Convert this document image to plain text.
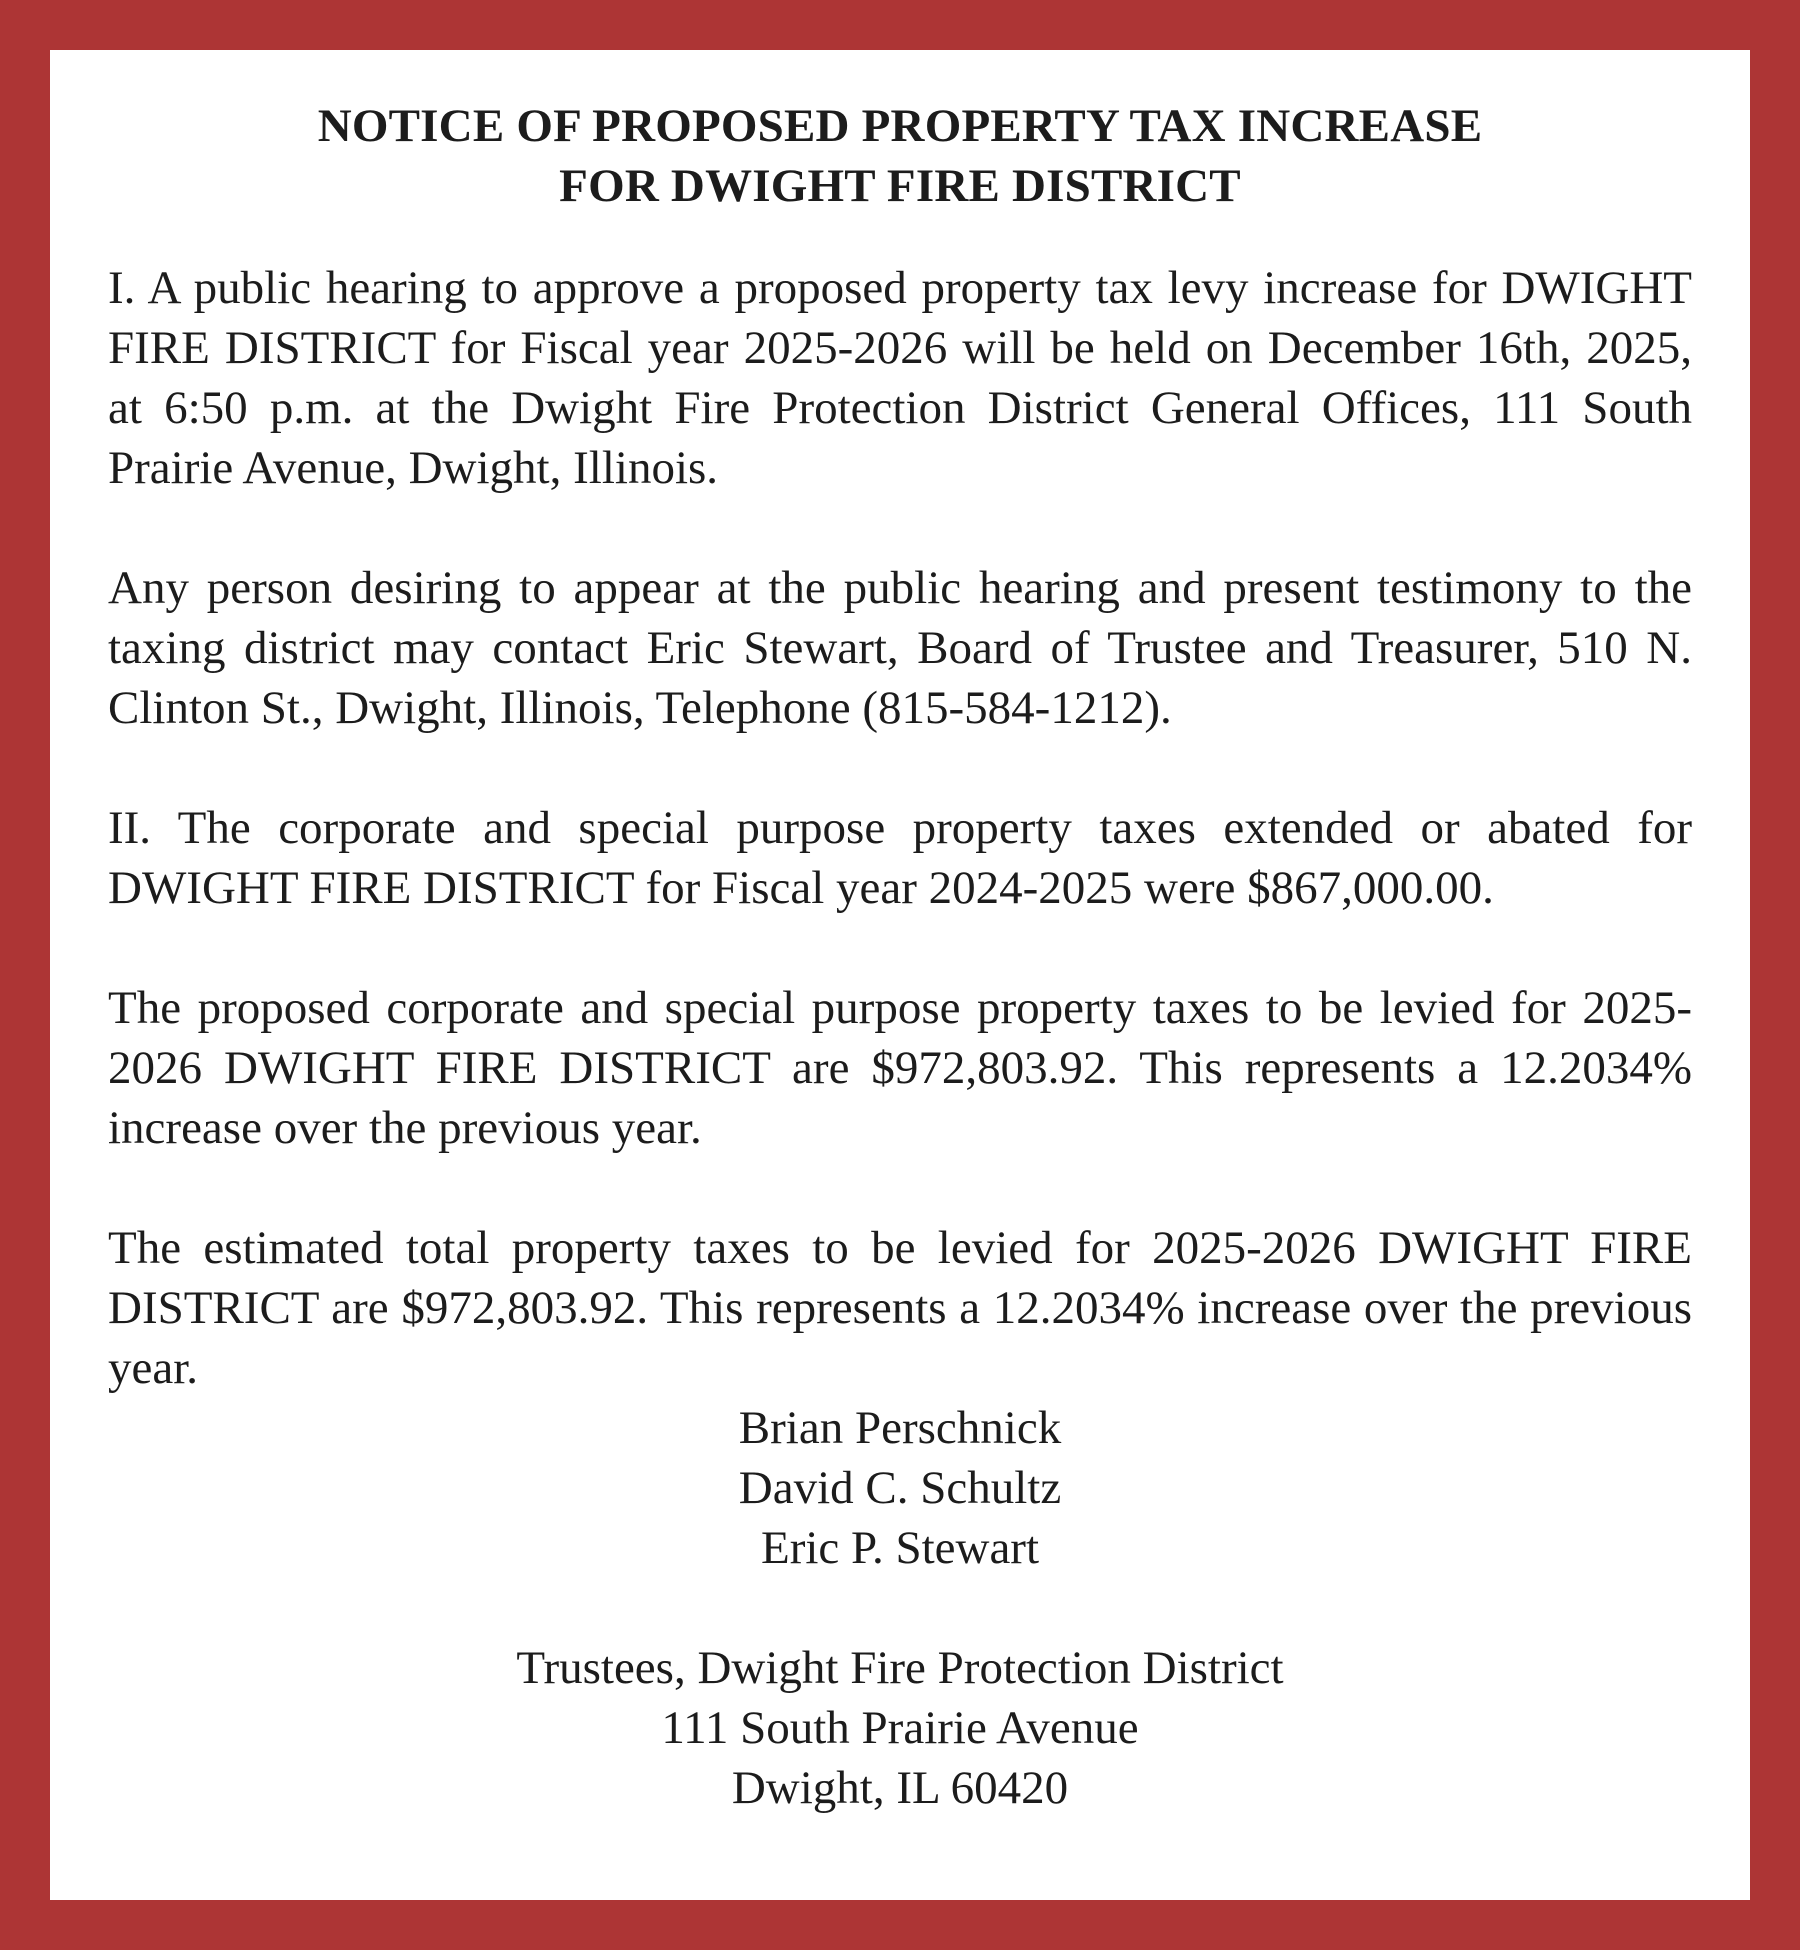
NOTICE OF PROPOSED PROPERTY TAX INCREASE
FOR DWIGHT FIRE DISTRICT

I. A public hearing to approve a proposed property tax levy increase for DWIGHT FIRE DISTRICT for Fiscal year 2025-2026 will be held on December 16th, 2025, at 6:50 p.m. at the Dwight Fire Protection District General Offices, 111 South Prairie Avenue, Dwight, Illinois.

Any person desiring to appear at the public hearing and present testimony to the taxing district may contact Eric Stewart, Board of Trustee and Treasurer, 510 N. Clinton St., Dwight, Illinois, Telephone (815-584-1212).

II. The corporate and special purpose property taxes extended or abated for DWIGHT FIRE DISTRICT for Fiscal year 2024-2025 were $867,000.00.

The proposed corporate and special purpose property taxes to be levied for 2025-2026 DWIGHT FIRE DISTRICT are $972,803.92. This represents a 12.2034% increase over the previous year.

The estimated total property taxes to be levied for 2025-2026 DWIGHT FIRE DISTRICT are $972,803.92. This represents a 12.2034% increase over the previous year.

Brian Perschnick
David C. Schultz
Eric P. Stewart
Trustees, Dwight Fire Protection District
111 South Prairie Avenue
Dwight, IL 60420
